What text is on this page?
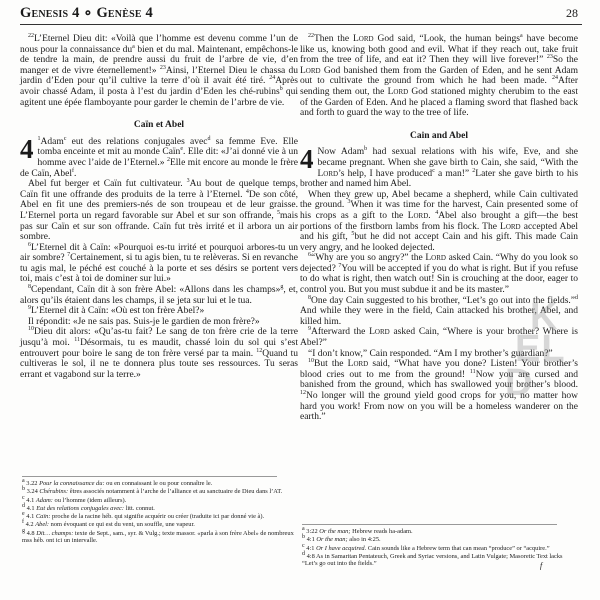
Genesis 4 ∘ Genèse 4	28

$^{22}$L’Eternel Dieu dit: «Voilà que l’homme est devenu comme l’un de nous pour la connaissance $du^a$ bien et du mal. Maintenant, empêchons-le de tendre la main, de prendre aussi du fruit de l’arbre de vie, d’en manger et de vivre éternellement!» $^{23}$Ainsi, l’Eternel Dieu le chassa du jardin d’Eden pour qu’il cultive la terre d’où il avait été tiré. $^{24}$Après avoir chassé Adam, il posta à l’est du jardin d’Eden les ché-rubins$^b$ qui agitent une épée flamboyante pour garder le chemin de l’arbre de vie.

Caïn et Abel

4 $^1$Adam$^c$ eut des relations conjugales avec$^d$ sa femme Eve. Elle tomba enceinte et mit au monde Caïn$^e$. Elle dit: «J’ai donné vie à un homme avec l’aide de l’Eternel.» $^2$Elle mit encore au monde le frère de Caïn, Abel$^f$.

Abel fut berger et Caïn fut cultivateur. $^3$Au bout de quelque temps, Caïn fit une offrande des produits de la terre à l’Eternel. $^4$De son côté, Abel en fit une des premiers-nés de son troupeau et de leur graisse. L’Eternel porta un regard favorable sur Abel et sur son offrande, $^5$mais pas sur Caïn et sur son offrande. Caïn fut très irrité et il arbora un air sombre.

$^6$L’Eternel dit à Caïn: «Pourquoi es-tu irrité et pourquoi arbores-tu un air sombre? $^7$Certainement, si tu agis bien, tu te relèveras. Si en revanche tu agis mal, le péché est couché à la porte et ses désirs se portent vers toi, mais c’est à toi de dominer sur lui.»

$^8$Cependant, Caïn dit à son frère Abel: «Allons dans les champs»$^g$, et, alors qu’ils étaient dans les champs, il se jeta sur lui et le tua.

$^9$L’Eternel dit à Caïn: «Où est ton frère Abel?»

Il répondit: «Je ne sais pas. Suis-je le gardien de mon frère?»

$^{10}$Dieu dit alors: «Qu’as-tu fait? Le sang de ton frère crie de la terre jusqu’à moi. $^{11}$Désormais, tu es maudit, chassé loin du sol qui s’est entrouvert pour boire le sang de ton frère versé par ta main. $^{12}$Quand tu cultiveras le sol, il ne te donnera plus toute ses ressources. Tu seras errant et vagabond sur la terre.»

$^{22}$Then the Lord God said, “Look, the human beings$^a$ have become like us, knowing both good and evil. What if they reach out, take fruit from the tree of life, and eat it? Then they will live forever!” $^{23}$So the Lord God banished them from the Garden of Eden, and he sent Adam out to cultivate the ground from which he had been made. $^{24}$After sending them out, the Lord God stationed mighty cherubim to the east of the Garden of Eden. And he placed a flaming sword that flashed back and forth to guard the way to the tree of life.

Cain and Abel

4 Now Adam$^b$ had sexual relations with his wife, Eve, and she became pregnant. When she gave birth to Cain, she said, “With the Lord’s help, I have produced$^c$ a man!” $^2$Later she gave birth to his brother and named him Abel.

When they grew up, Abel became a shepherd, while Cain cultivated the ground. $^3$When it was time for the harvest, Cain presented some of his crops as a gift to the Lord. $^4$Abel also brought a gift—the best portions of the firstborn lambs from his flock. The Lord accepted Abel and his gift, $^5$but he did not accept Cain and his gift. This made Cain very angry, and he looked dejected.

$^6$“Why are you so angry?” the Lord asked Cain. “Why do you look so dejected? $^7$You will be accepted if you do what is right. But if you refuse to do what is right, then watch out! Sin is crouching at the door, eager to control you. But you must subdue it and be its master.”

$^8$One day Cain suggested to his brother, “Let’s go out into the fields.”$^d$ And while they were in the field, Cain attacked his brother, Abel, and killed him.

$^9$Afterward the Lord asked Cain, “Where is your brother? Where is Abel?”

“I don’t know,” Cain responded. “Am I my brother’s guardian?”

$^{10}$But the Lord said, “What have you done? Listen! Your brother’s blood cries out to me from the ground! $^{11}$Now you are cursed and banished from the ground, which has swallowed your brother’s blood. $^{12}$No longer will the ground yield good crops for you, no matter how hard you work! From now on you will be a homeless wanderer on the earth.”

$^a$ 3.22 Pour la connaissance du: ou en connaissant le ou pour connaître le.
$^b$ 3.24 Chérubins: êtres associés notamment à l’arche de l’alliance et au sanctuaire de Dieu dans l’AT.
$^c$ 4.1 Adam: ou l’homme (idem ailleurs).
$^d$ 4.1 Eut des relations conjugales avec: litt. connut.
$^e$ 4.1 Caïn: proche de la racine héb. qui signifie acquérir ou créer (traduite ici par donné vie à).
$^f$ 4.2 Abel: nom évoquant ce qui est du vent, un souffle, une vapeur.
$^g$ 4.8 Dit… champs: texte de Sept., sam., syr. & Vulg.; texte massor. «parla à son frère Abel» de nombreux mss héb. ont ici un intervalle.
$^a$ 3:22 Or the man; Hebrew reads ha-adam.
$^b$ 4:1 Or the man; also in 4:25.
$^c$ 4:1 Or I have acquired. Cain sounds like a Hebrew term that can mean “produce” or “acquire.”
$^d$ 4:8 As in Samaritan Pentateuch, Greek and Syriac versions, and Latin Vulgate; Masoretic Text lacks “Let’s go out into the fields.”	f
K
EL
D
